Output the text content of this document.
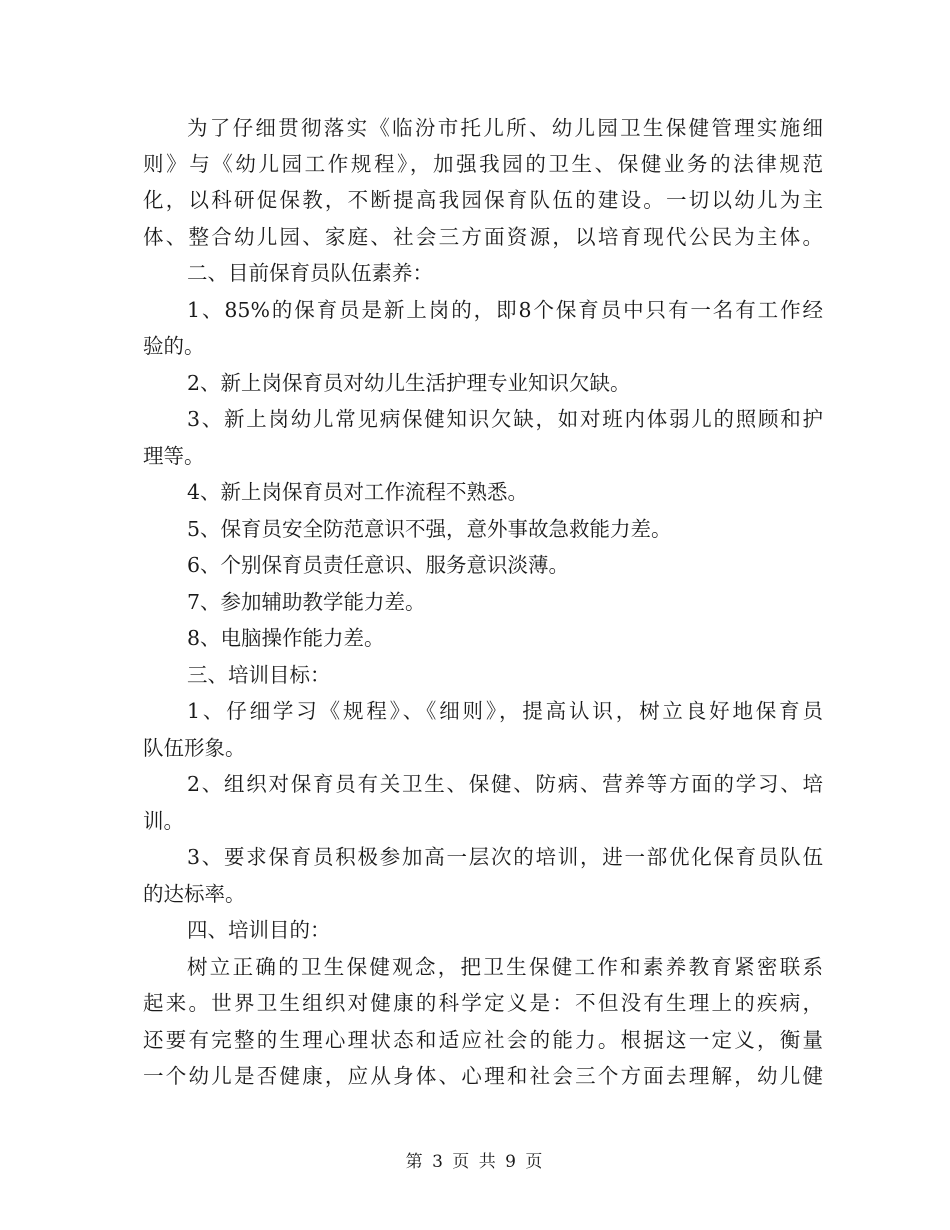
为了仔细贯彻落实《临汾市托儿所、幼儿园卫生保健管理实施细
则》与《幼儿园工作规程》，加强我园的卫生、保健业务的法律规范
化，以科研促保教，不断提高我园保育队伍的建设。一切以幼儿为主
体、整合幼儿园、家庭、社会三方面资源，以培育现代公民为主体。
二、目前保育员队伍素养：
1、85%的保育员是新上岗的，即8个保育员中只有一名有工作经
验的。
2、新上岗保育员对幼儿生活护理专业知识欠缺。
3、新上岗幼儿常见病保健知识欠缺，如对班内体弱儿的照顾和护
理等。
4、新上岗保育员对工作流程不熟悉。
5、保育员安全防范意识不强，意外事故急救能力差。
6、个别保育员责任意识、服务意识淡薄。
7、参加辅助教学能力差。
8、电脑操作能力差。
三、培训目标：
1、仔细学习《规程》、《细则》，提高认识，树立良好地保育员
队伍形象。
2、组织对保育员有关卫生、保健、防病、营养等方面的学习、培
训。
3、要求保育员积极参加高一层次的培训，进一部优化保育员队伍
的达标率。
四、培训目的：
树立正确的卫生保健观念，把卫生保健工作和素养教育紧密联系
起来。世界卫生组织对健康的科学定义是：不但没有生理上的疾病，
还要有完整的生理心理状态和适应社会的能力。根据这一定义，衡量
一个幼儿是否健康，应从身体、心理和社会三个方面去理解，幼儿健
第 3 页 共 9 页
